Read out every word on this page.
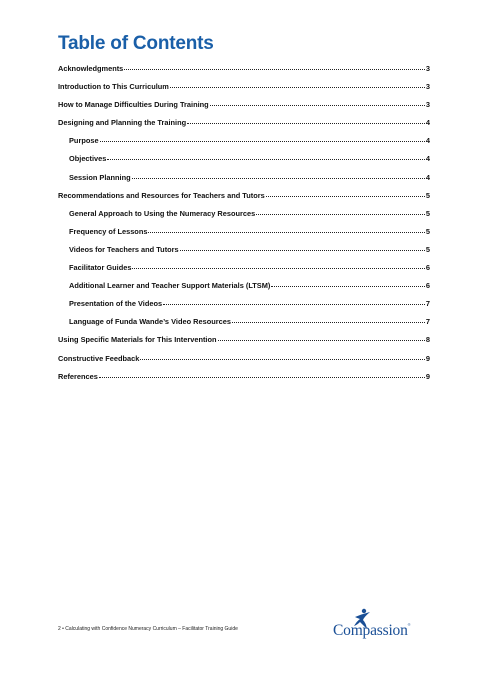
Table of Contents
Acknowledgments	3
Introduction to This Curriculum	3
How to Manage Difficulties During Training	3
Designing and Planning the Training	4
Purpose	4
Objectives	4
Session Planning	4
Recommendations and Resources for Teachers and Tutors	5
General Approach to Using the Numeracy Resources	5
Frequency of Lessons	5
Videos for Teachers and Tutors	5
Facilitator Guides	6
Additional Learner and Teacher Support Materials (LTSM)	6
Presentation of the Videos	7
Language of Funda Wande’s Video Resources	7
Using Specific Materials for This Intervention	8
Constructive Feedback	9
References	9
2 • Calculating with Confidence Numeracy Curriculum – Facilitator Training Guide	Compassion®
